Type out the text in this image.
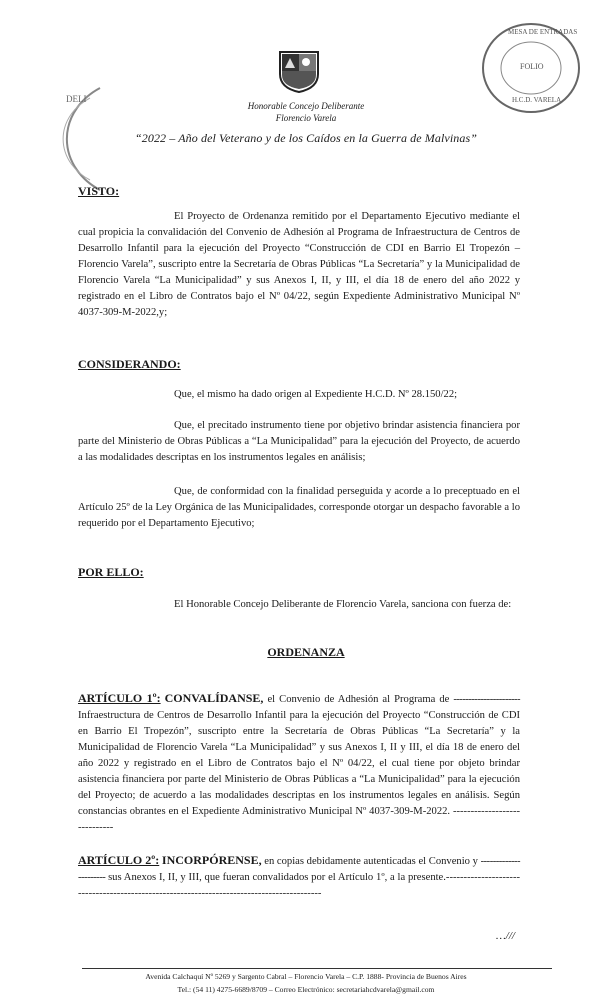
Honorable Concejo Deliberante
Florencio Varela
“2022 – Año del Veterano y de los Caídos en la Guerra de Malvinas”
MESA DE ENTRADAS
FOLIO
H.C.D. VARELA
DELI
VISTO:
El Proyecto de Ordenanza remitido por el Departamento Ejecutivo mediante el cual propicia la convalidación del Convenio de Adhesión al Programa de Infraestructura de Centros de Desarrollo Infantil para la ejecución del Proyecto “Construcción de CDI en Barrio El Tropezón – Florencio Varela”, suscripto entre la Secretaría de Obras Públicas “La Secretaría” y la Municipalidad de Florencio Varela “La Municipalidad” y sus Anexos I, II, y III, el día 18 de enero del año 2022 y registrado en el Libro de Contratos bajo el Nº 04/22, según Expediente Administrativo Municipal Nº 4037-309-M-2022,y;
CONSIDERANDO:
Que, el mismo ha dado origen al Expediente H.C.D. Nº 28.150/22;
Que, el precitado instrumento tiene por objetivo brindar asistencia financiera por parte del Ministerio de Obras Públicas a “La Municipalidad” para la ejecución del Proyecto, de acuerdo a las modalidades descriptas en los instrumentos legales en análisis;
Que, de conformidad con la finalidad perseguida y acorde a lo preceptuado en el Artículo 25º de la Ley Orgánica de las Municipalidades, corresponde otorgar un despacho favorable a lo requerido por el Departamento Ejecutivo;
POR ELLO:
El Honorable Concejo Deliberante de Florencio Varela, sanciona con fuerza de:
ORDENANZA
ARTÍCULO 1º: CONVALÍDANSE, el Convenio de Adhesión al Programa de ---------------------- Infraestructura de Centros de Desarrollo Infantil para la ejecución del Proyecto “Construcción de CDI en Barrio El Tropezón”, suscripto entre la Secretaría de Obras Públicas “La Secretaría” y la Municipalidad de Florencio Varela “La Municipalidad” y sus Anexos I, II y III, el día 18 de enero del año 2022 y registrado en el Libro de Contratos bajo el Nº 04/22, el cual tiene por objeto brindar asistencia financiera por parte del Ministerio de Obras Públicas a “La Municipalidad” para la ejecución del Proyecto; de acuerdo a las modalidades descriptas en los instrumentos legales en análisis. Según constancias obrantes en el Expediente Administrativo Municipal Nº 4037-309-M-2022. -----------------------------
ARTÍCULO 2º: INCORPÓRENSE, en copias debidamente autenticadas el Convenio y ---------------------- sus Anexos I, II, y III, que fueran convalidados por el Artículo 1º, a la presente.------------------------------------------------------------------------------------------
…///
Avenida Calchaquí Nº 5269 y Sargento Cabral – Florencio Varela – C.P. 1888- Provincia de Buenos Aires
Tel.: (54 11) 4275-6689/8709 – Correo Electrónico: secretariahcdvarela@gmail.com
